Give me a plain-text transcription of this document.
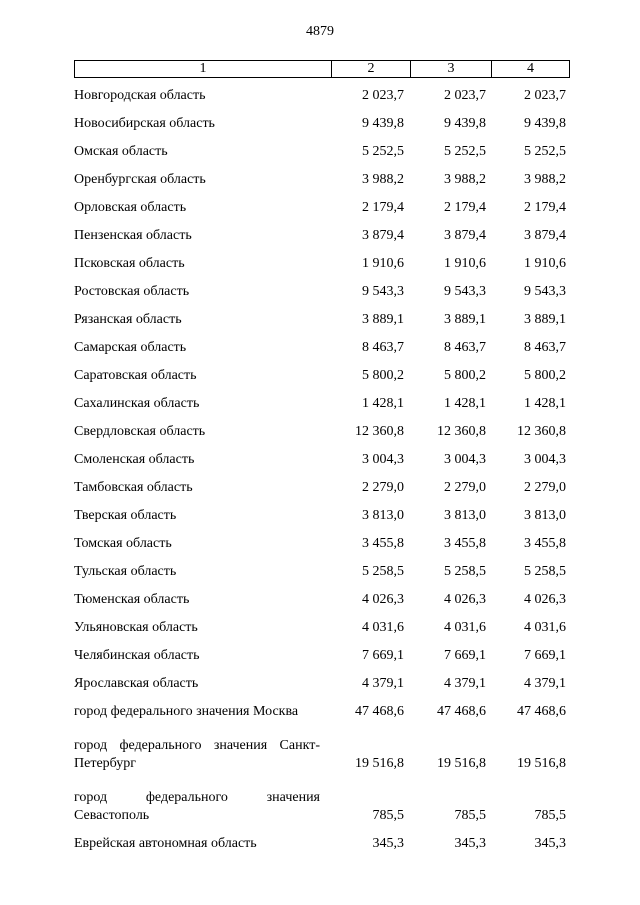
4879
1	2	3	4
Новгородская область	2 023,7	2 023,7	2 023,7
Новосибирская область	9 439,8	9 439,8	9 439,8
Омская область	5 252,5	5 252,5	5 252,5
Оренбургская область	3 988,2	3 988,2	3 988,2
Орловская область	2 179,4	2 179,4	2 179,4
Пензенская область	3 879,4	3 879,4	3 879,4
Псковская область	1 910,6	1 910,6	1 910,6
Ростовская область	9 543,3	9 543,3	9 543,3
Рязанская область	3 889,1	3 889,1	3 889,1
Самарская область	8 463,7	8 463,7	8 463,7
Саратовская область	5 800,2	5 800,2	5 800,2
Сахалинская область	1 428,1	1 428,1	1 428,1
Свердловская область	12 360,8	12 360,8	12 360,8
Смоленская область	3 004,3	3 004,3	3 004,3
Тамбовская область	2 279,0	2 279,0	2 279,0
Тверская область	3 813,0	3 813,0	3 813,0
Томская область	3 455,8	3 455,8	3 455,8
Тульская область	5 258,5	5 258,5	5 258,5
Тюменская область	4 026,3	4 026,3	4 026,3
Ульяновская область	4 031,6	4 031,6	4 031,6
Челябинская область	7 669,1	7 669,1	7 669,1
Ярославская область	4 379,1	4 379,1	4 379,1
город федерального значения Москва	47 468,6	47 468,6	47 468,6
город федерального значения Санкт-Петербург	19 516,8	19 516,8	19 516,8
город федерального значения Севастополь	785,5	785,5	785,5
Еврейская автономная область	345,3	345,3	345,3
